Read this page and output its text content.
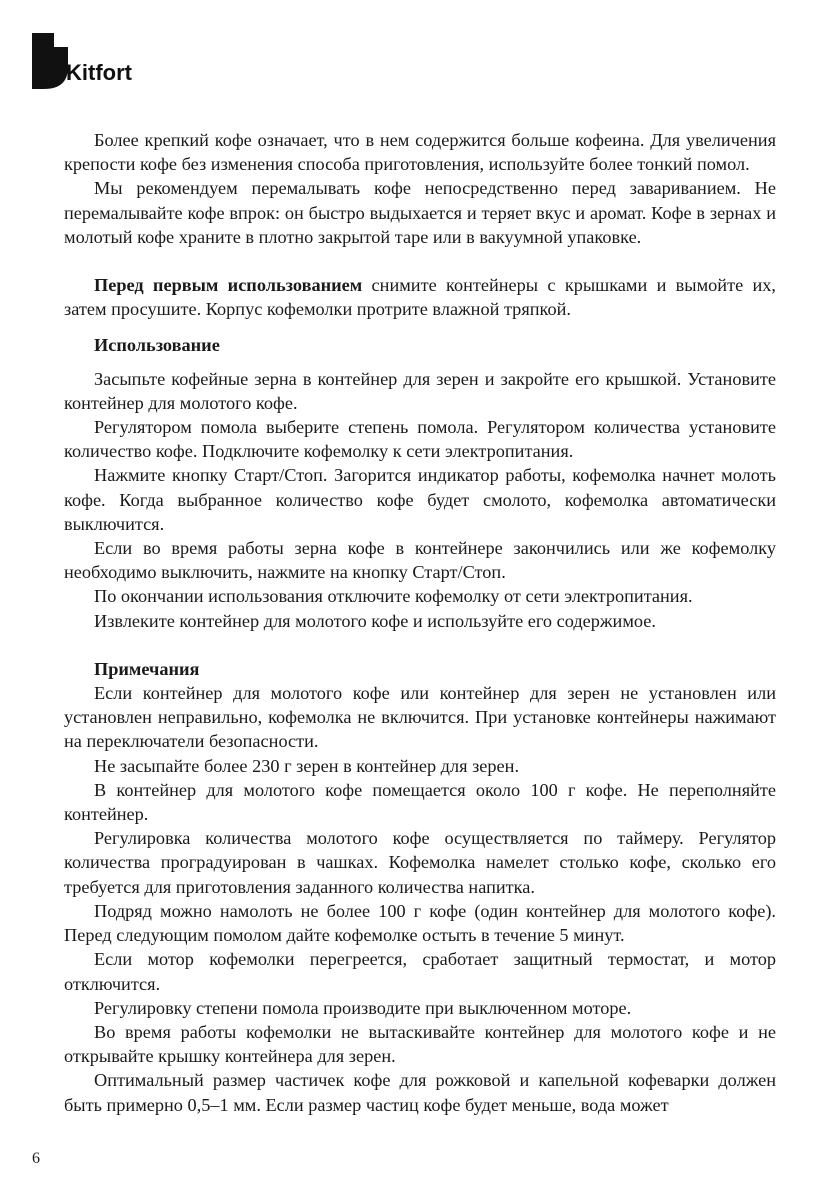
Kitfort

Более крепкий кофе означает, что в нем содержится больше кофеина. Для увеличения крепости кофе без изменения способа приготовления, используйте более тонкий помол.

Мы рекомендуем перемалывать кофе непосредственно перед завариванием. Не перемалывайте кофе впрок: он быстро выдыхается и теряет вкус и аромат. Кофе в зернах и молотый кофе храните в плотно закрытой таре или в вакуумной упаковке.

Перед первым использованием снимите контейнеры с крышками и вымойте их, затем просушите. Корпус кофемолки протрите влажной тряпкой.

Использование

Засыпьте кофейные зерна в контейнер для зерен и закройте его крышкой. Установите контейнер для молотого кофе.

Регулятором помола выберите степень помола. Регулятором количества установите количество кофе. Подключите кофемолку к сети электропитания.

Нажмите кнопку Старт/Стоп. Загорится индикатор работы, кофемолка начнет молоть кофе. Когда выбранное количество кофе будет смолото, кофемолка автоматически выключится.

Если во время работы зерна кофе в контейнере закончились или же кофемолку необходимо выключить, нажмите на кнопку Старт/Стоп.

По окончании использования отключите кофемолку от сети электропитания.

Извлеките контейнер для молотого кофе и используйте его содержимое.

Примечания

Если контейнер для молотого кофе или контейнер для зерен не установлен или установлен неправильно, кофемолка не включится. При установке контейнеры нажимают на переключатели безопасности.

Не засыпайте более 230 г зерен в контейнер для зерен.

В контейнер для молотого кофе помещается около 100 г кофе. Не переполняйте контейнер.

Регулировка количества молотого кофе осуществляется по таймеру. Регулятор количества проградуирован в чашках. Кофемолка намелет столько кофе, сколько его требуется для приготовления заданного количества напитка.

Подряд можно намолоть не более 100 г кофе (один контейнер для молотого кофе). Перед следующим помолом дайте кофемолке остыть в течение 5 минут.

Если мотор кофемолки перегреется, сработает защитный термостат, и мотор отключится.

Регулировку степени помола производите при выключенном моторе.

Во время работы кофемолки не вытаскивайте контейнер для молотого кофе и не открывайте крышку контейнера для зерен.

Оптимальный размер частичек кофе для рожковой и капельной кофеварки должен быть примерно 0,5–1 мм. Если размер частиц кофе будет меньше, вода может

6
